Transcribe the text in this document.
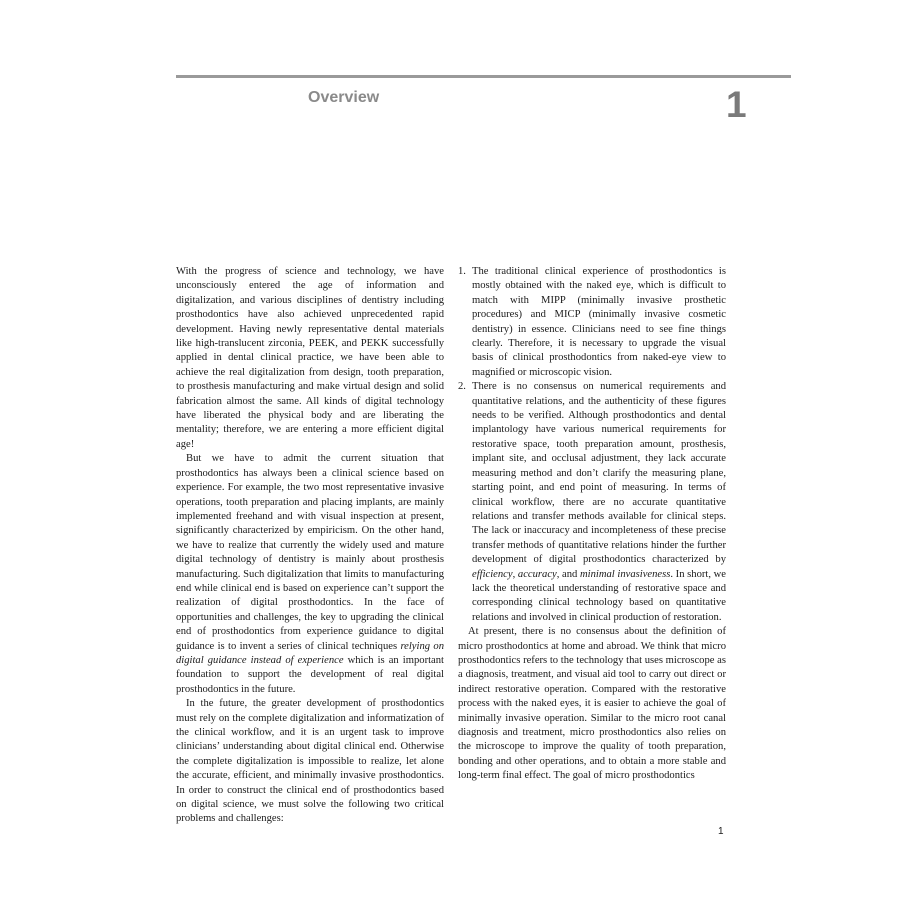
Overview	1

With the progress of science and technology, we have unconsciously entered the age of information and digitalization, and various disciplines of dentistry including prosthodontics have also achieved unprecedented rapid development. Having newly representative dental materials like high-translucent zirconia, PEEK, and PEKK successfully applied in dental clinical practice, we have been able to achieve the real digitalization from design, tooth preparation, to prosthesis manufacturing and make virtual design and solid fabrication almost the same. All kinds of digital technology have liberated the physical body and are liberating the mentality; therefore, we are entering a more efficient digital age!

But we have to admit the current situation that prosthodontics has always been a clinical science based on experience. For example, the two most representative invasive operations, tooth preparation and placing implants, are mainly implemented freehand and with visual inspection at present, significantly characterized by empiricism. On the other hand, we have to realize that currently the widely used and mature digital technology of dentistry is mainly about prosthesis manufacturing. Such digitalization that limits to manufacturing end while clinical end is based on experience can’t support the realization of digital prosthodontics. In the face of opportunities and challenges, the key to upgrading the clinical end of prosthodontics from experience guidance to digital guidance is to invent a series of clinical techniques relying on digital guidance instead of experience which is an important foundation to support the development of real digital prosthodontics in the future.

In the future, the greater development of prosthodontics must rely on the complete digitalization and informatization of the clinical workflow, and it is an urgent task to improve clinicians’ understanding about digital clinical end. Otherwise the complete digitalization is impossible to realize, let alone the accurate, efficient, and minimally invasive prosthodontics. In order to construct the clinical end of prosthodontics based on digital science, we must solve the following two critical problems and challenges:

1. The traditional clinical experience of prosthodontics is mostly obtained with the naked eye, which is difficult to match with MIPP (minimally invasive prosthetic procedures) and MICP (minimally invasive cosmetic dentistry) in essence. Clinicians need to see fine things clearly. Therefore, it is necessary to upgrade the visual basis of clinical prosthodontics from naked-eye view to magnified or microscopic vision.
2. There is no consensus on numerical requirements and quantitative relations, and the authenticity of these figures needs to be verified. Although prosthodontics and dental implantology have various numerical requirements for restorative space, tooth preparation amount, prosthesis, implant site, and occlusal adjustment, they lack accurate measuring method and don’t clarify the measuring plane, starting point, and end point of measuring. In terms of clinical workflow, there are no accurate quantitative relations and transfer methods available for clinical steps. The lack or inaccuracy and incompleteness of these precise transfer methods of quantitative relations hinder the further development of digital prosthodontics characterized by efficiency, accuracy, and minimal invasiveness. In short, we lack the theoretical understanding of restorative space and corresponding clinical technology based on quantitative relations and involved in clinical production of restoration.

At present, there is no consensus about the definition of micro prosthodontics at home and abroad. We think that micro prosthodontics refers to the technology that uses microscope as a diagnosis, treatment, and visual aid tool to carry out direct or indirect restorative operation. Compared with the restorative process with the naked eyes, it is easier to achieve the goal of minimally invasive operation. Similar to the micro root canal diagnosis and treatment, micro prosthodontics also relies on the microscope to improve the quality of tooth preparation, bonding and other operations, and to obtain a more stable and long-term final effect. The goal of micro prosthodontics

1
